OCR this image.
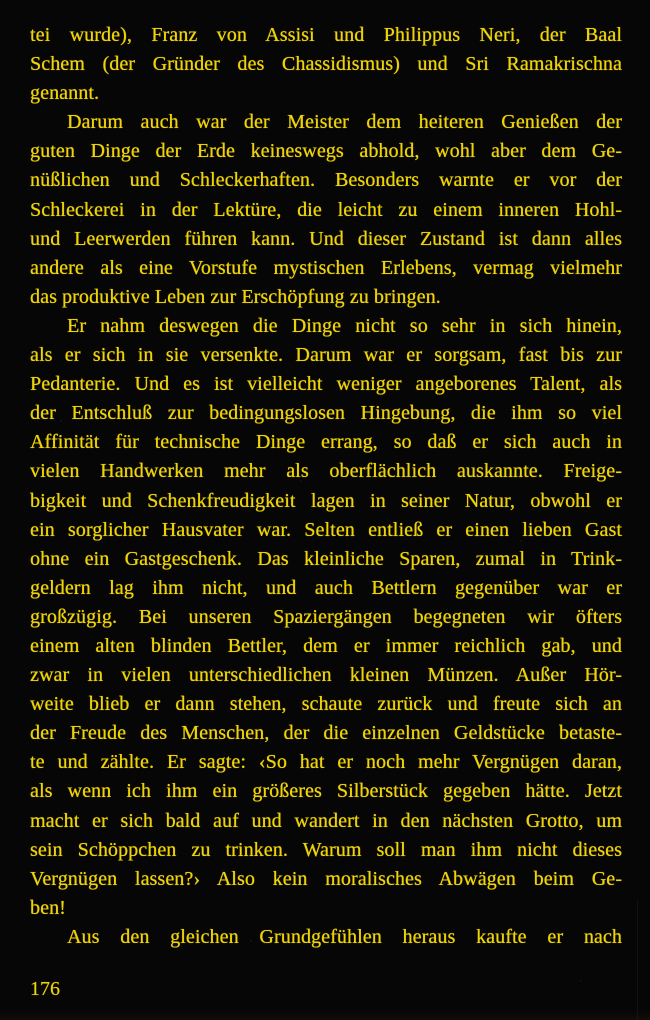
tei wurde), Franz von Assisi und Philippus Neri, der Baal
Schem (der Gründer des Chassidismus) und Sri Ramakrischna
genannt.
Darum auch war der Meister dem heiteren Genießen der
guten Dinge der Erde keineswegs abhold, wohl aber dem Ge-
nüßlichen und Schleckerhaften. Besonders warnte er vor der
Schleckerei in der Lektüre, die leicht zu einem inneren Hohl-
und Leerwerden führen kann. Und dieser Zustand ist dann alles
andere als eine Vorstufe mystischen Erlebens, vermag vielmehr
das produktive Leben zur Erschöpfung zu bringen.
Er nahm deswegen die Dinge nicht so sehr in sich hinein,
als er sich in sie versenkte. Darum war er sorgsam, fast bis zur
Pedanterie. Und es ist vielleicht weniger angeborenes Talent, als
der Entschluß zur bedingungslosen Hingebung, die ihm so viel
Affinität für technische Dinge errang, so daß er sich auch in
vielen Handwerken mehr als oberflächlich auskannte. Freige-
bigkeit und Schenkfreudigkeit lagen in seiner Natur, obwohl er
ein sorglicher Hausvater war. Selten entließ er einen lieben Gast
ohne ein Gastgeschenk. Das kleinliche Sparen, zumal in Trink-
geldern lag ihm nicht, und auch Bettlern gegenüber war er
großzügig. Bei unseren Spaziergängen begegneten wir öfters
einem alten blinden Bettler, dem er immer reichlich gab, und
zwar in vielen unterschiedlichen kleinen Münzen. Außer Hör-
weite blieb er dann stehen, schaute zurück und freute sich an
der Freude des Menschen, der die einzelnen Geldstücke betaste-
te und zählte. Er sagte: ‹So hat er noch mehr Vergnügen daran,
als wenn ich ihm ein größeres Silberstück gegeben hätte. Jetzt
macht er sich bald auf und wandert in den nächsten Grotto, um
sein Schöppchen zu trinken. Warum soll man ihm nicht dieses
Vergnügen lassen?› Also kein moralisches Abwägen beim Ge-
ben!
Aus den gleichen Grundgefühlen heraus kaufte er nach
176
